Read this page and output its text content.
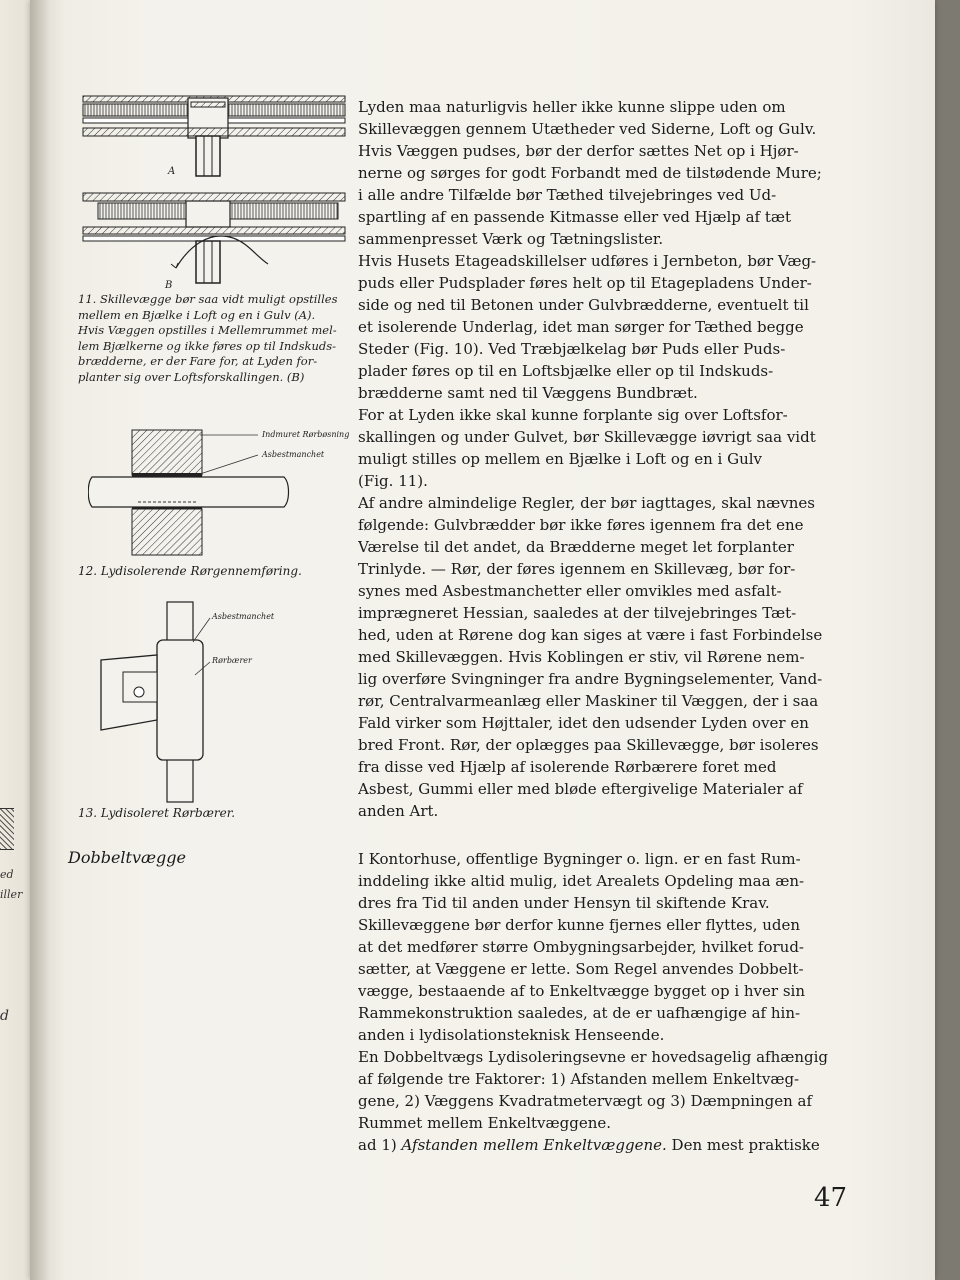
ed
iller
d
A
B

11. Skillevægge bør saa vidt muligt opstilles
mellem en Bjælke i Loft og en i Gulv (A).
Hvis Væggen opstilles i Mellemrummet mel-
lem Bjælkerne og ikke føres op til Indskuds-
brædderne, er der Fare for, at Lyden for-
planter sig over Loftsforskallingen. (B)

Indmuret Rørbøsning
Asbestmanchet
12. Lydisolerende Rørgennemføring.
Asbestmanchet
Rørbærer
13. Lydisoleret Rørbærer.
Dobbeltvægge
Lyden maa naturligvis heller ikke kunne slippe uden om
Skillevæggen gennem Utætheder ved Siderne, Loft og Gulv.
Hvis Væggen pudses, bør der derfor sættes Net op i Hjør-
nerne og sørges for godt Forbandt med de tilstødende Mure;
i alle andre Tilfælde bør Tæthed tilvejebringes ved Ud-
spartling af en passende Kitmasse eller ved Hjælp af tæt
sammenpresset Værk og Tætningslister.
Hvis Husets Etageadskillelser udføres i Jernbeton, bør Væg-
puds eller Pudsplader føres helt op til Etagepladens Under-
side og ned til Betonen under Gulvbrædderne, eventuelt til
et isolerende Underlag, idet man sørger for Tæthed begge
Steder (Fig. 10). Ved Træbjælkelag bør Puds eller Puds-
plader føres op til en Loftsbjælke eller op til Indskuds-
brædderne samt ned til Væggens Bundbræt.
For at Lyden ikke skal kunne forplante sig over Loftsfor-
skallingen og under Gulvet, bør Skillevægge iøvrigt saa vidt
muligt stilles op mellem en Bjælke i Loft og en i Gulv
(Fig. 11).
Af andre almindelige Regler, der bør iagttages, skal nævnes
følgende: Gulvbrædder bør ikke føres igennem fra det ene
Værelse til det andet, da Brædderne meget let forplanter
Trinlyde. — Rør, der føres igennem en Skillevæg, bør for-
synes med Asbestmanchetter eller omvikles med asfalt-
imprægneret Hessian, saaledes at der tilvejebringes Tæt-
hed, uden at Rørene dog kan siges at være i fast Forbindelse
med Skillevæggen. Hvis Koblingen er stiv, vil Rørene nem-
lig overføre Svingninger fra andre Bygningselementer, Vand-
rør, Centralvarmeanlæg eller Maskiner til Væggen, der i saa
Fald virker som Højttaler, idet den udsender Lyden over en
bred Front. Rør, der oplægges paa Skillevægge, bør isoleres
fra disse ved Hjælp af isolerende Rørbærere foret med
Asbest, Gummi eller med bløde eftergivelige Materialer af
anden Art.
I Kontorhuse, offentlige Bygninger o. lign. er en fast Rum-
inddeling ikke altid mulig, idet Arealets Opdeling maa æn-
dres fra Tid til anden under Hensyn til skiftende Krav.
Skillevæggene bør derfor kunne fjernes eller flyttes, uden
at det medfører større Ombygningsarbejder, hvilket forud-
sætter, at Væggene er lette. Som Regel anvendes Dobbelt-
vægge, bestaaende af to Enkeltvægge bygget op i hver sin
Rammekonstruktion saaledes, at de er uafhængige af hin-
anden i lydisolationsteknisk Henseende.
En Dobbeltvægs Lydisoleringsevne er hovedsagelig afhængig
af følgende tre Faktorer: 1) Afstanden mellem Enkeltvæg-
gene, 2) Væggens Kvadratmetervægt og 3) Dæmpningen af
Rummet mellem Enkeltvæggene.
ad 1) Afstanden mellem Enkeltvæggene. Den mest praktiske
47
